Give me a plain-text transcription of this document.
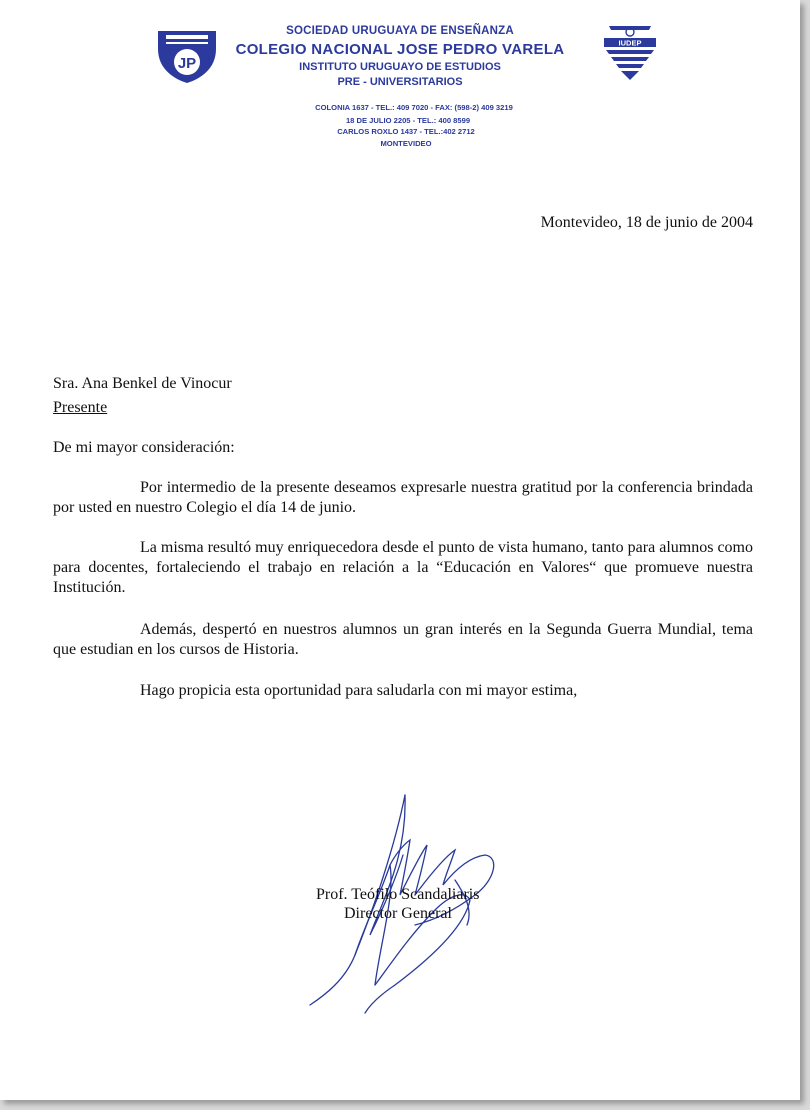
JP
IUDEP
SOCIEDAD URUGUAYA DE ENSEÑANZA
COLEGIO NACIONAL JOSE PEDRO VARELA
INSTITUTO URUGUAYO DE ESTUDIOS
PRE - UNIVERSITARIOS
COLONIA 1637 - TEL.: 409 7020 - FAX: (598-2) 409 3219
18 DE JULIO 2205 - TEL.: 400 8599
CARLOS ROXLO 1437 - TEL.:402 2712
MONTEVIDEO
Montevideo, 18 de junio de 2004
Sra. Ana Benkel de Vinocur
Presente
De mi mayor consideración:
Por intermedio de la presente deseamos expresarle nuestra gratitud por la conferencia brindada por usted en nuestro Colegio el día 14 de junio.
La misma resultó muy enriquecedora desde el punto de vista humano, tanto para alumnos como para docentes, fortaleciendo el trabajo en relación a la “Educación en Valores“ que promueve nuestra Institución.
Además, despertó en nuestros alumnos un gran interés en la Segunda Guerra Mundial, tema que estudian en los cursos de Historia.
Hago propicia esta oportunidad para saludarla con mi mayor estima,
Prof. Teófilo Scandaliaris
Director General
